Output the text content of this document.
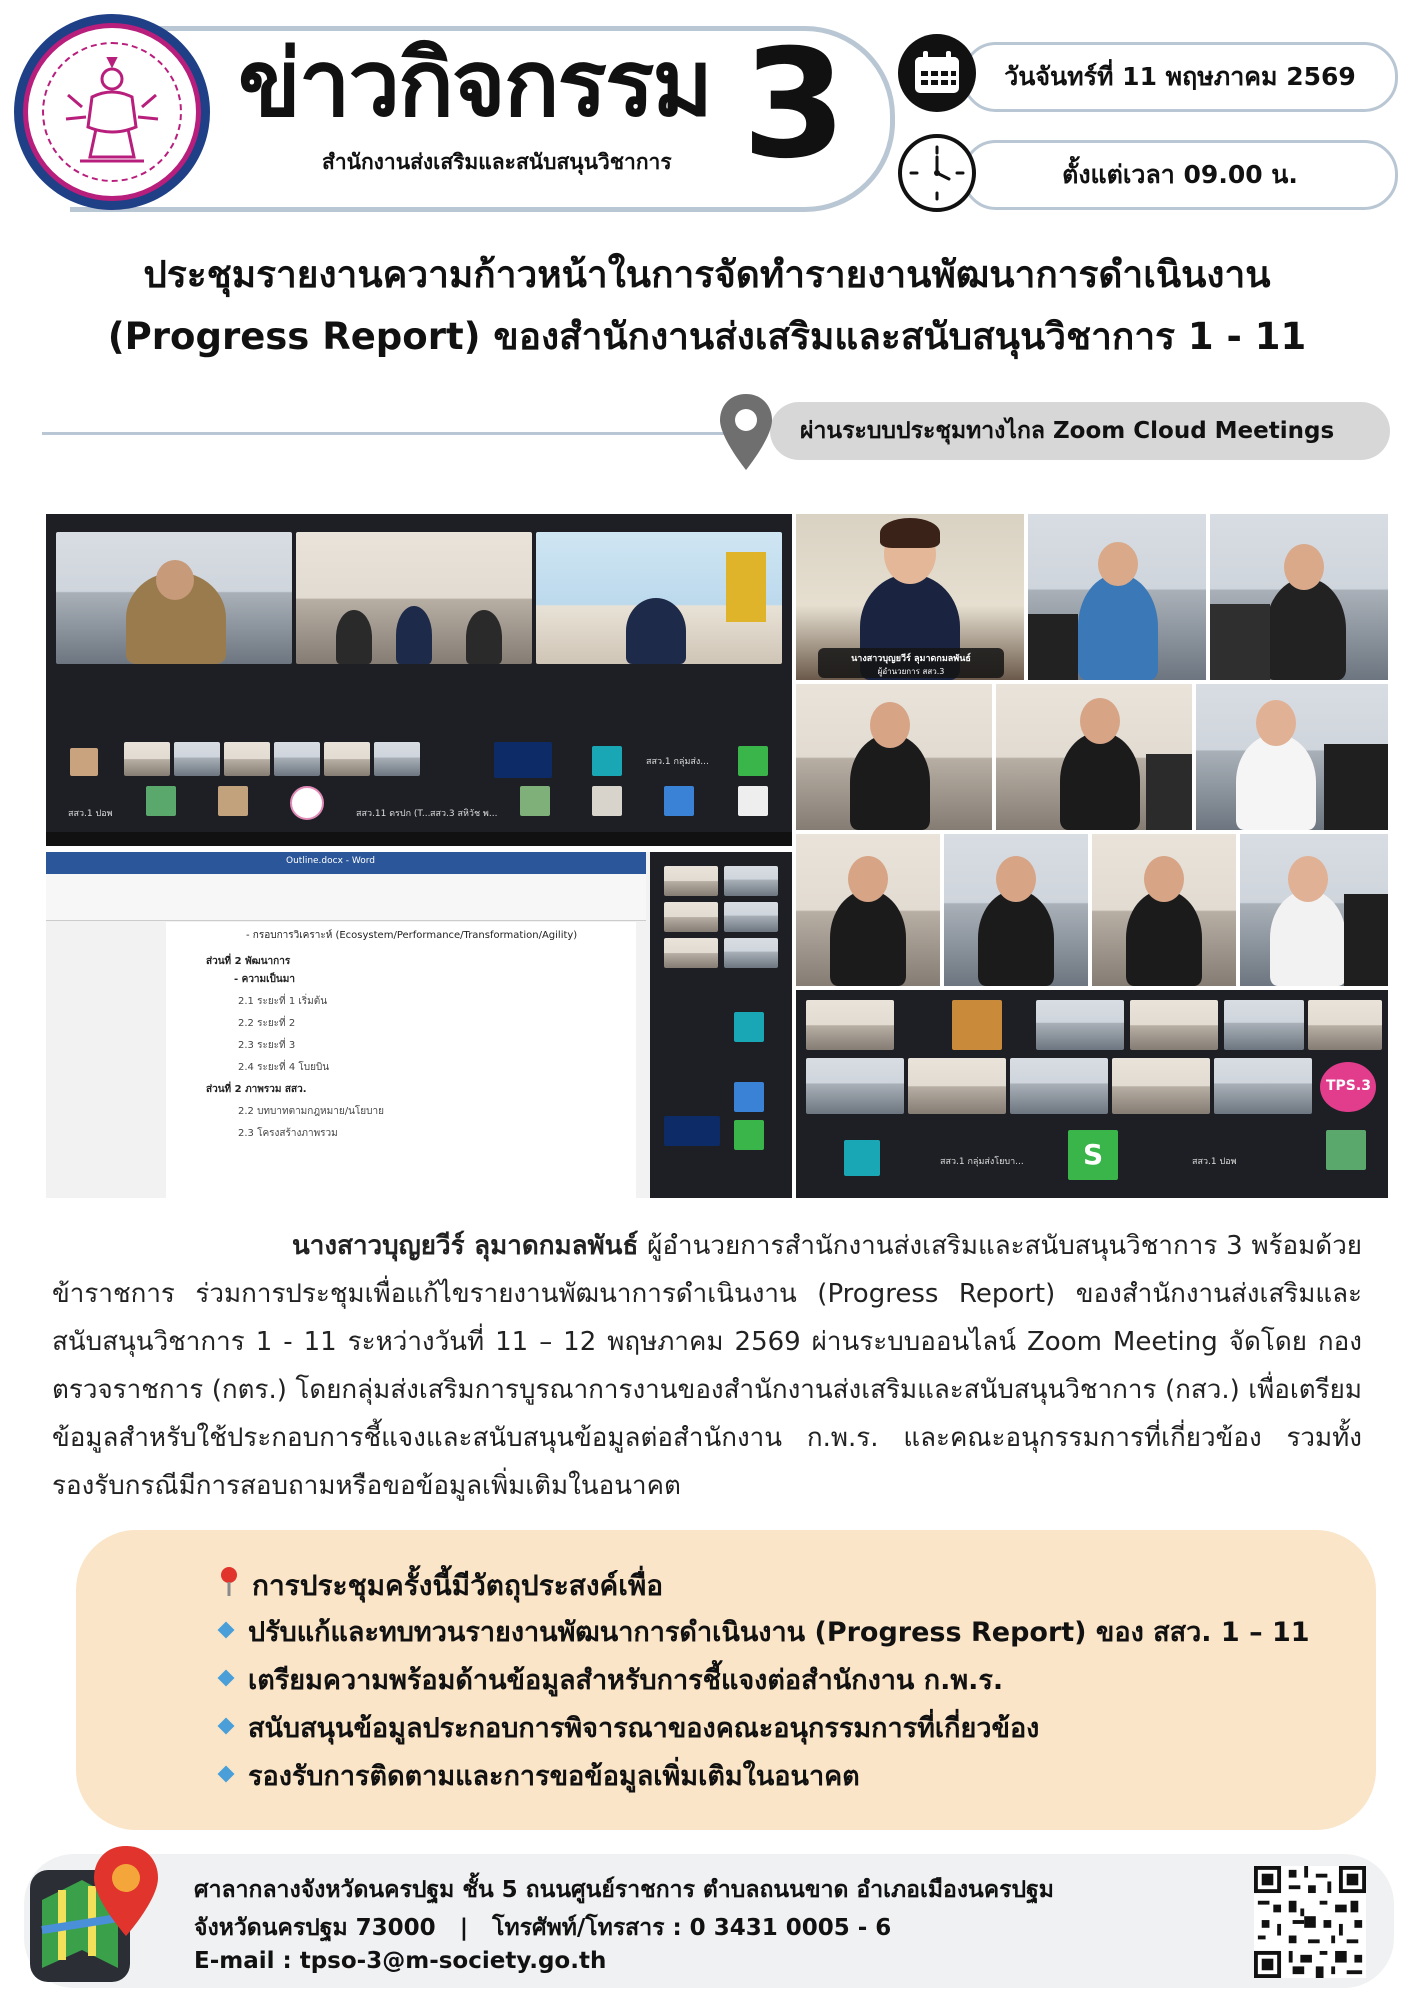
ข่าวกิจกรรม
สำนักงานส่งเสริมและสนับสนุนวิชาการ 3	วันจันทร์ที่ 11 พฤษภาคม 2569
ตั้งแต่เวลา 09.00 น.
ประชุมรายงานความก้าวหน้าในการจัดทำรายงานพัฒนาการดำเนินงาน
(Progress Report) ของสำนักงานส่งเสริมและสนับสนุนวิชาการ 1 - 11
ผ่านระบบประชุมทางไกล Zoom Cloud Meetings
สสว.1 ปอพ	สสว.11 ดรปก (T... สสว.3 สหิวัช พ...
สสว.1 กลุ่มส่ง...
นางสาวบุญยวีร์ ลุมาดกมลพันธ์
ผู้อำนวยการ สสว.3
Outline.docx - Word
- กรอบการวิเคราะห์ (Ecosystem/Performance/Transformation/Agility)
ส่วนที่ 2 พัฒนาการ
- ความเป็นมา
2.1 ระยะที่ 1 เริ่มต้น
2.2 ระยะที่ 2
2.3 ระยะที่ 3
2.4 ระยะที่ 4 โบยบิน
ส่วนที่ 2 ภาพรวม สสว.
2.2 บทบาทตามกฎหมาย/นโยบาย
2.3 โครงสร้างภาพรวม
TPS.3
S
สสว.1 กลุ่มส่งโยบา...	สสว.1 ปอพ
นางสาวบุญยวีร์ ลุมาดกมลพันธ์ ผู้อำนวยการสำนักงานส่งเสริมและสนับสนุนวิชาการ 3 พร้อมด้วยข้าราชการ ร่วมการประชุมเพื่อแก้ไขรายงานพัฒนาการดำเนินงาน (Progress Report) ของสำนักงานส่งเสริมและสนับสนุนวิชาการ 1 - 11 ระหว่างวันที่ 11 – 12 พฤษภาคม 2569 ผ่านระบบออนไลน์ Zoom Meeting จัดโดย กองตรวจราชการ (กตร.) โดยกลุ่มส่งเสริมการบูรณาการงานของสำนักงานส่งเสริมและสนับสนุนวิชาการ (กสว.) เพื่อเตรียมข้อมูลสำหรับใช้ประกอบการชี้แจงและสนับสนุนข้อมูลต่อสำนักงาน ก.พ.ร. และคณะอนุกรรมการที่เกี่ยวข้อง รวมทั้งรองรับกรณีมีการสอบถามหรือขอข้อมูลเพิ่มเติมในอนาคต
การประชุมครั้งนี้มีวัตถุประสงค์เพื่อ
ปรับแก้และทบทวนรายงานพัฒนาการดำเนินงาน (Progress Report) ของ สสว. 1 – 11
เตรียมความพร้อมด้านข้อมูลสำหรับการชี้แจงต่อสำนักงาน ก.พ.ร.
สนับสนุนข้อมูลประกอบการพิจารณาของคณะอนุกรรมการที่เกี่ยวข้อง
รองรับการติดตามและการขอข้อมูลเพิ่มเติมในอนาคต
ศาลากลางจังหวัดนครปฐม ชั้น 5 ถนนศูนย์ราชการ ตำบลถนนขาด อำเภอเมืองนครปฐม
จังหวัดนครปฐม 73000 | โทรศัพท์/โทรสาร : 0 3431 0005 - 6
E-mail : tpso-3@m-society.go.th
